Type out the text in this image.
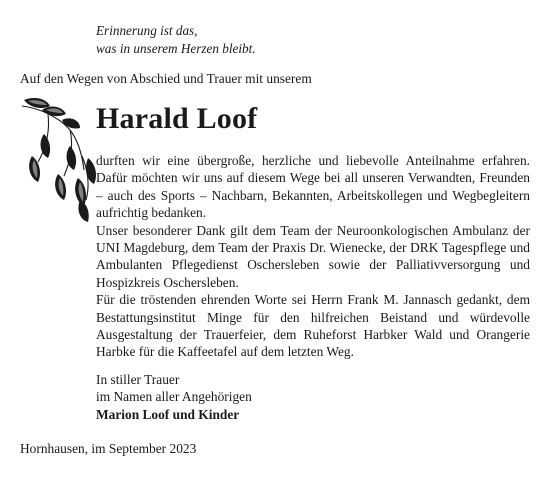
Erinnerung ist das,
was in unserem Herzen bleibt.
Auf den Wegen von Abschied und Trauer mit unserem
Harald Loof

durften wir eine übergroße, herzliche und liebevolle Anteilnahme erfahren. Dafür möchten wir uns auf diesem Wege bei all unseren Verwandten, Freunden – auch des Sports – Nachbarn, Bekannten, Arbeitskollegen und Wegbegleitern aufrichtig bedanken.

Unser besonderer Dank gilt dem Team der Neuroonkologischen Ambulanz der UNI Magdeburg, dem Team der Praxis Dr. Wienecke, der DRK Tagespflege und Ambulanten Pflegedienst Oschersleben sowie der Palliativversorgung und Hospizkreis Oschersleben.

Für die tröstenden ehrenden Worte sei Herrn Frank M. Jannasch gedankt, dem Bestattungsinstitut Minge für den hilfreichen Beistand und würdevolle Ausgestaltung der Trauerfeier, dem Ruheforst Harbker Wald und Orangerie Harbke für die Kaffeetafel auf dem letzten Weg.

In stiller Trauer
im Namen aller Angehörigen
Marion Loof und Kinder
Hornhausen, im September 2023
